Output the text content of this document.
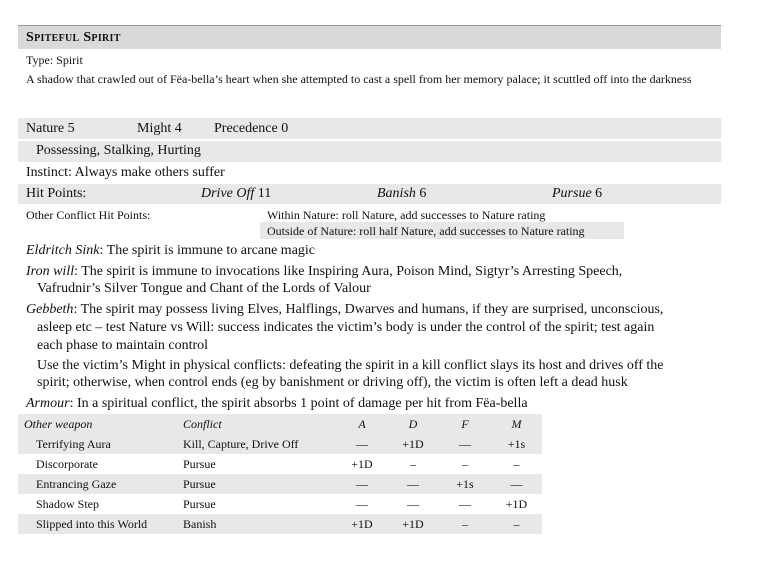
Spiteful Spirit
Type: Spirit
A shadow that crawled out of Fëa-bella’s heart when she attempted to cast a spell from her memory palace; it scuttled off into the darkness
Nature 5	Might 4 Precedence 0
Possessing, Stalking, Hurting
Instinct: Always make others suffer
Hit Points:	Drive Off 11	Banish 6	Pursue 6
Other Conflict Hit Points:	Within Nature: roll Nature, add successes to Nature rating
Outside of Nature: roll half Nature, add successes to Nature rating
Eldritch Sink: The spirit is immune to arcane magic
Iron will: The spirit is immune to invocations like Inspiring Aura, Poison Mind, Sigtyr’s Arresting Speech,
Vafrudnir’s Silver Tongue and Chant of the Lords of Valour
Gebbeth: The spirit may possess living Elves, Halflings, Dwarves and humans, if they are surprised, unconscious,
asleep etc – test Nature vs Will: success indicates the victim’s body is under the control of the spirit; test again
each phase to maintain control
Use the victim’s Might in physical conflicts: defeating the spirit in a kill conflict slays its host and drives off the
spirit; otherwise, when control ends (eg by banishment or driving off), the victim is often left a dead husk
Armour: In a spiritual conflict, the spirit absorbs 1 point of damage per hit from Fëa-bella
Other weapon	Conflict	A	D	F	M
Terrifying Aura	Kill, Capture, Drive Off	—	+1D	—	+1s
Discorporate	Pursue	+1D	–	–	–
Entrancing Gaze	Pursue	—	—	+1s	—
Shadow Step	Pursue	—	—	—	+1D
Slipped into this World	Banish	+1D	+1D	–	–
